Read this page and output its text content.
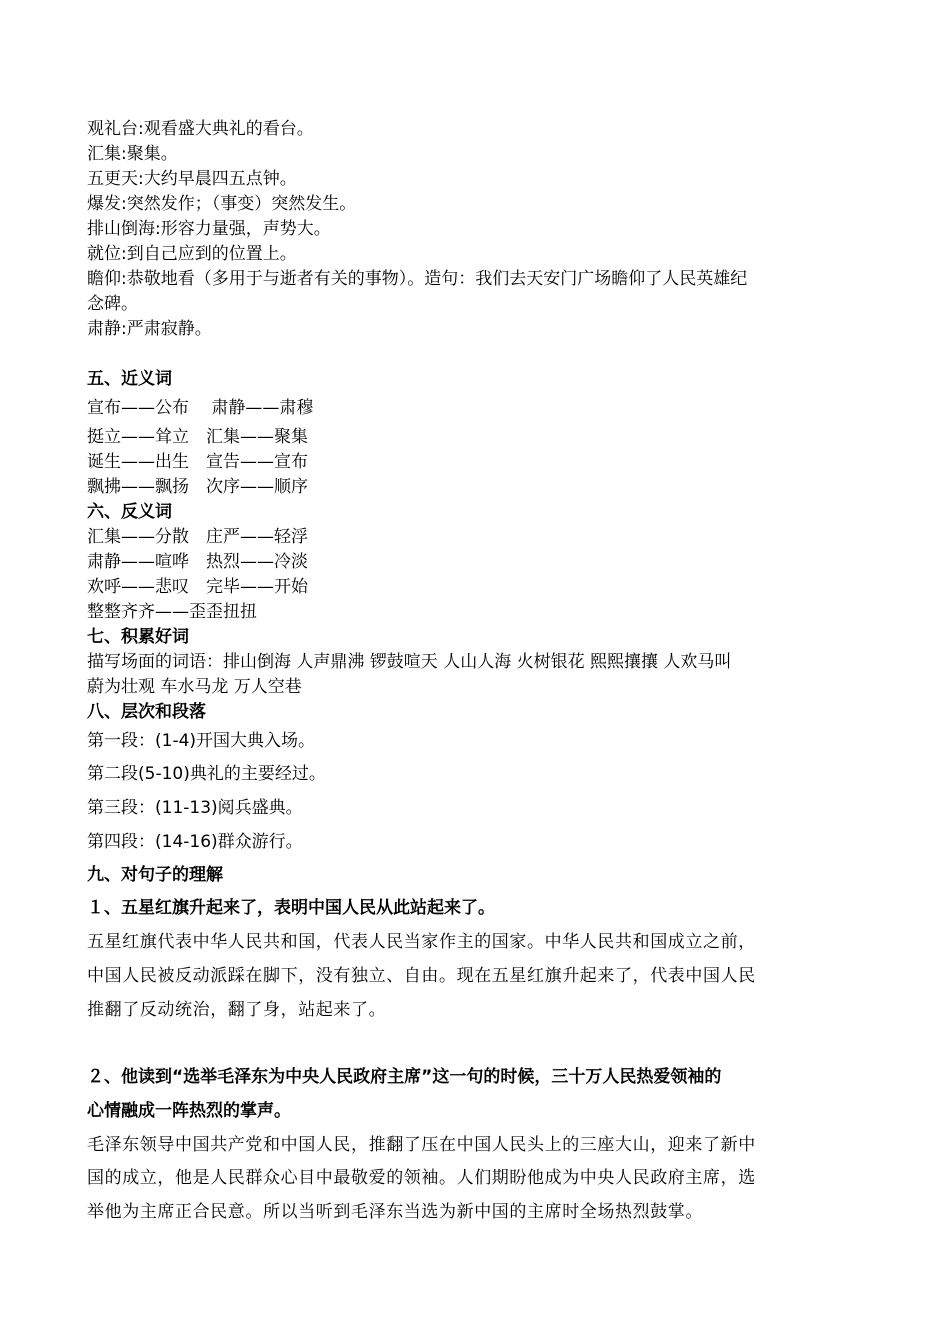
观礼台:观看盛大典礼的看台。
汇集:聚集。
五更天:大约早晨四五点钟。
爆发:突然发作；（事变）突然发生。
排山倒海:形容力量强，声势大。
就位:到自己应到的位置上。
瞻仰:恭敬地看（多用于与逝者有关的事物）。造句：我们去天安门广场瞻仰了人民英雄纪
念碑。
肃静:严肃寂静。
五、近义词
宣布——公布　 肃静——肃穆
挺立——耸立　汇集——聚集
诞生——出生　宣告——宣布
飘拂——飘扬　次序——顺序
六、反义词
汇集——分散　庄严——轻浮
肃静——喧哗　热烈——冷淡
欢呼——悲叹　完毕——开始
整整齐齐——歪歪扭扭
七、积累好词
描写场面的词语：排山倒海 人声鼎沸 锣鼓喧天 人山人海 火树银花 熙熙攘攘 人欢马叫
蔚为壮观 车水马龙 万人空巷
八、层次和段落
第一段：(1-4)开国大典入场。
第二段(5-10)典礼的主要经过。
第三段：(11-13)阅兵盛典。
第四段：(14-16)群众游行。
九、对句子的理解
１、五星红旗升起来了，表明中国人民从此站起来了。
五星红旗代表中华人民共和国，代表人民当家作主的国家。中华人民共和国成立之前，
中国人民被反动派踩在脚下，没有独立、自由。现在五星红旗升起来了，代表中国人民
推翻了反动统治，翻了身，站起来了。
２、他读到“选举毛泽东为中央人民政府主席”这一句的时候，三十万人民热爱领袖的
心情融成一阵热烈的掌声。
毛泽东领导中国共产党和中国人民，推翻了压在中国人民头上的三座大山，迎来了新中
国的成立，他是人民群众心目中最敬爱的领袖。人们期盼他成为中央人民政府主席，选
举他为主席正合民意。所以当听到毛泽东当选为新中国的主席时全场热烈鼓掌。
